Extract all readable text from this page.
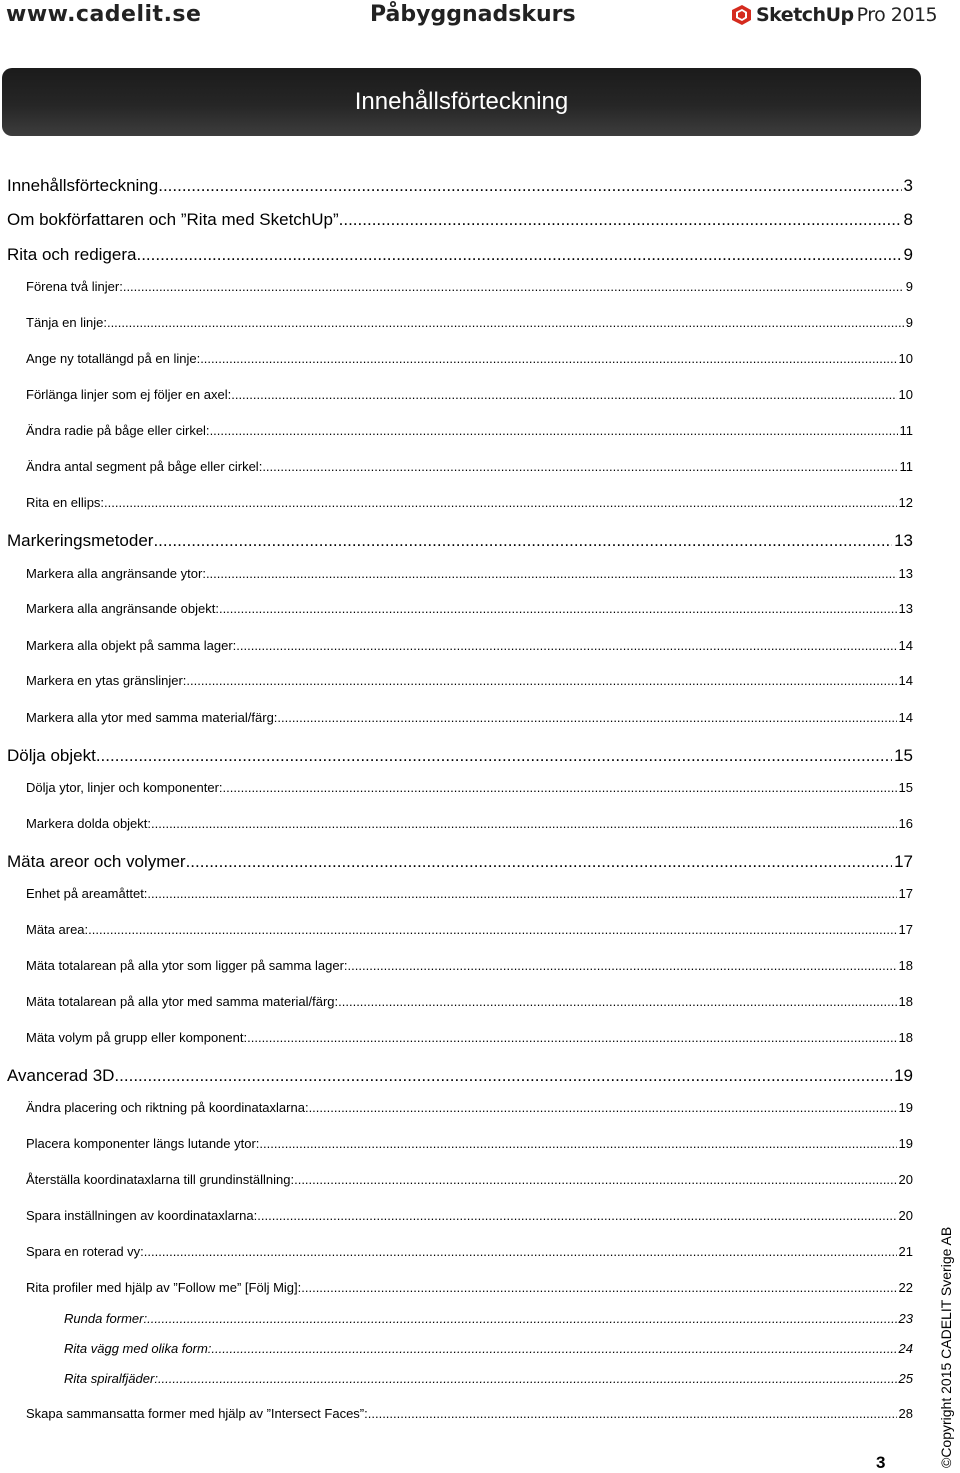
www.cadelit.se	Påbyggnadskurs	SketchUp Pro 2015
Innehållsförteckning
Innehållsförteckning .....	3
Om bokförfattaren och ”Rita med SketchUp” .....	8
Rita och redigera .....	9
Förena två linjer: .....	9
Tänja en linje: .....	9
Ange ny totallängd på en linje: .....	10
Förlänga linjer som ej följer en axel: .....	10
Ändra radie på båge eller cirkel: .....	11
Ändra antal segment på båge eller cirkel: .....	11
Rita en ellips: .....	12
Markeringsmetoder .....	13
Markera alla angränsande ytor: .....	13
Markera alla angränsande objekt: .....	13
Markera alla objekt på samma lager: .....	14
Markera en ytas gränslinjer: .....	14
Markera alla ytor med samma material/färg: .....	14
Dölja objekt .....	15
Dölja ytor, linjer och komponenter: .....	15
Markera dolda objekt: .....	16
Mäta areor och volymer .....	17
Enhet på areamåttet: .....	17
Mäta area: .....	17
Mäta totalarean på alla ytor som ligger på samma lager: .....	18
Mäta totalarean på alla ytor med samma material/färg: .....	18
Mäta volym på grupp eller komponent: .....	18
Avancerad 3D .....	19
Ändra placering och riktning på koordinataxlarna: .....	19
Placera komponenter längs lutande ytor: .....	19
Återställa koordinataxlarna till grundinställning: .....	20
Spara inställningen av koordinataxlarna: .....	20
Spara en roterad vy: .....	21
Rita profiler med hjälp av ”Follow me” [Följ Mig]: .....	22
Runda former: .....	23
Rita vägg med olika form: .....	24
Rita spiralfjäder: .....	25
Skapa sammansatta former med hjälp av ”Intersect Faces”: .....	28
3	©Copyright 2015 CADELIT Sverige AB
